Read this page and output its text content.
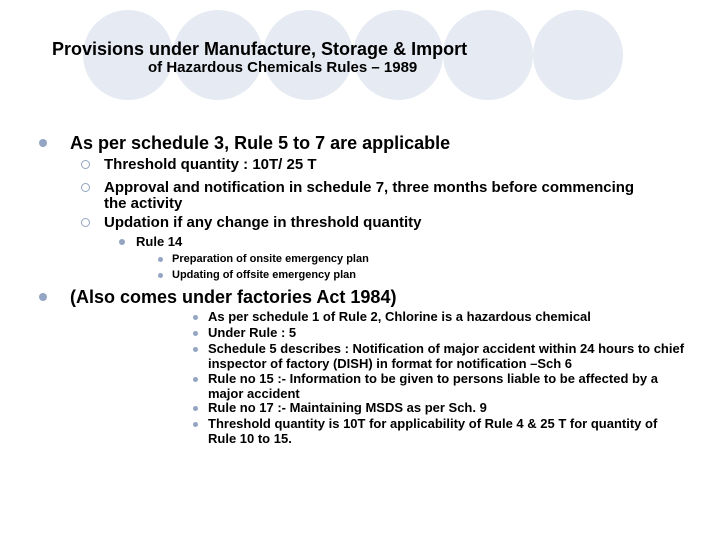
Provisions under Manufacture, Storage & Import
of Hazardous Chemicals Rules – 1989
As per schedule 3, Rule 5 to 7 are applicable
Threshold quantity : 10T/ 25 T
Approval and notification in schedule 7, three months before commencing the activity
Updation if any change in threshold quantity
Rule 14
Preparation of onsite emergency plan
Updating of offsite emergency plan
(Also comes under factories Act 1984)
As per schedule 1 of Rule 2, Chlorine is a hazardous chemical
Under Rule : 5
Schedule 5 describes : Notification of major accident within 24 hours to chief inspector of factory (DISH) in format for notification –Sch 6
Rule no 15 :- Information to be given to persons liable to be affected by a major accident
Rule no 17 :- Maintaining MSDS as per Sch. 9
Threshold quantity is 10T for applicability of Rule 4 & 25 T for quantity of Rule 10 to 15.
